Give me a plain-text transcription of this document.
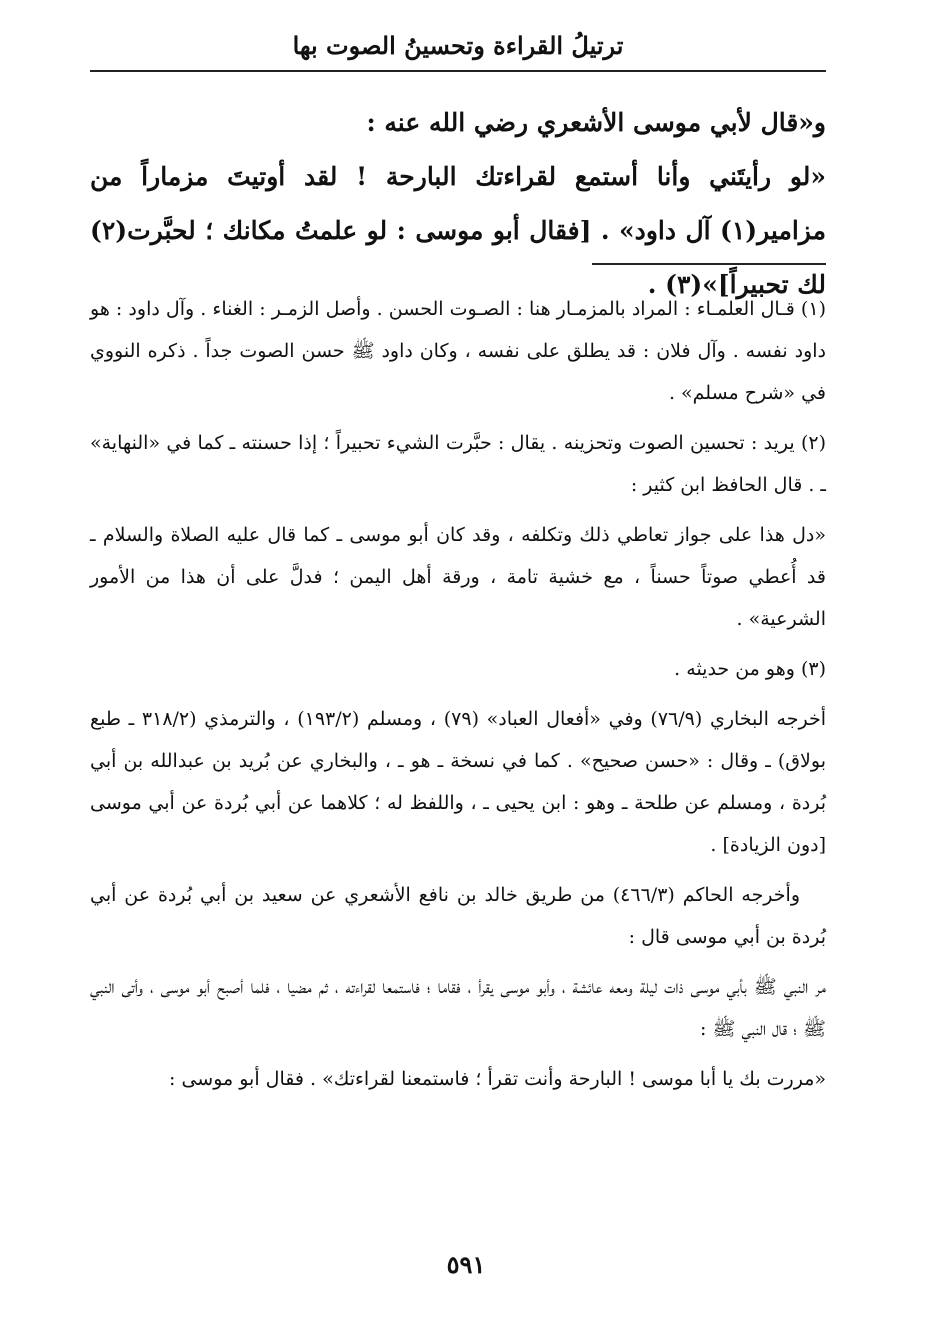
ترتيلُ القراءة وتحسينُ الصوت بها

و«قال لأبي موسى الأشعري رضي الله عنه :

«لو رأيتَني وأنا أستمع لقراءتك البارحة ! لقد أوتيتَ مزماراً من مزامير(١) آل داود» . [فقال أبو موسى : لو علمتُ مكانك ؛ لحبَّرت(٢) لك تحبيراً]»(٣) .

(١) قـال العلمـاء : المراد بالمزمـار هنا : الصـوت الحسن . وأصل الزمـر : الغناء . وآل داود : هو داود نفسه . وآل فلان : قد يطلق على نفسه ، وكان داود ﷺ حسن الصوت جداً . ذكره النووي في «شرح مسلم» .

(٢) يريد : تحسين الصوت وتحزينه . يقال : حبَّرت الشيء تحبيراً ؛ إذا حسنته ـ كما في «النهاية» ـ . قال الحافظ ابن كثير :

«دل هذا على جواز تعاطي ذلك وتكلفه ، وقد كان أبو موسى ـ كما قال عليه الصلاة والسلام ـ قد أُعطي صوتاً حسناً ، مع خشية تامة ، ورقة أهل اليمن ؛ فدلَّ على أن هذا من الأمور الشرعية» .

(٣) وهو من حديثه .

أخرجه البخاري (٧٦/٩) وفي «أفعال العباد» (٧٩) ، ومسلم (١٩٣/٢) ، والترمذي (٣١٨/٢ ـ طبع بولاق) ـ وقال : «حسن صحيح» . كما في نسخة ـ هو ـ ، والبخاري عن بُريد بن عبدالله بن أبي بُردة ، ومسلم عن طلحة ـ وهو : ابن يحيى ـ ، واللفظ له ؛ كلاهما عن أبي بُردة عن أبي موسى [دون الزيادة] .

وأخرجه الحاكم (٤٦٦/٣) من طريق خالد بن نافع الأشعري عن سعيد بن أبي بُردة عن أبي بُردة بن أبي موسى قال :

مر النبي ﷺ بأبي موسى ذات ليلة ومعه عائشة ، وأبو موسى يقرأ ، فقاما ؛ فاستمعا لقراءته ، ثم مضيا ، فلما أصبح أبو موسى ، وأتى النبي ﷺ ؛ قال النبي ﷺ :

«مررت بك يا أبا موسى ! البارحة وأنت تقرأ ؛ فاستمعنا لقراءتك» . فقال أبو موسى :

٥٩١
